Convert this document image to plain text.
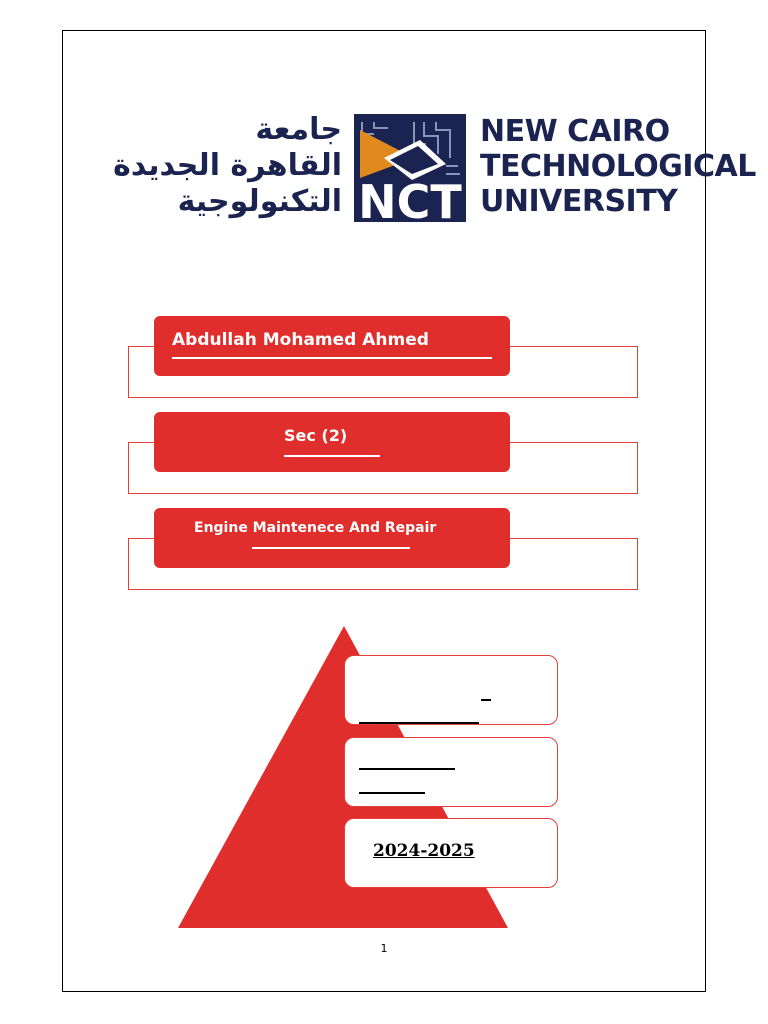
جامعة
القاهرة الجديدة
التكنولوجية NCT
NEW CAIRO
TECHNOLOGICAL
UNIVERSITY
Abdullah Mohamed Ahmed
Sec (2)
Engine Maintenece And Repair
2024-2025
1
